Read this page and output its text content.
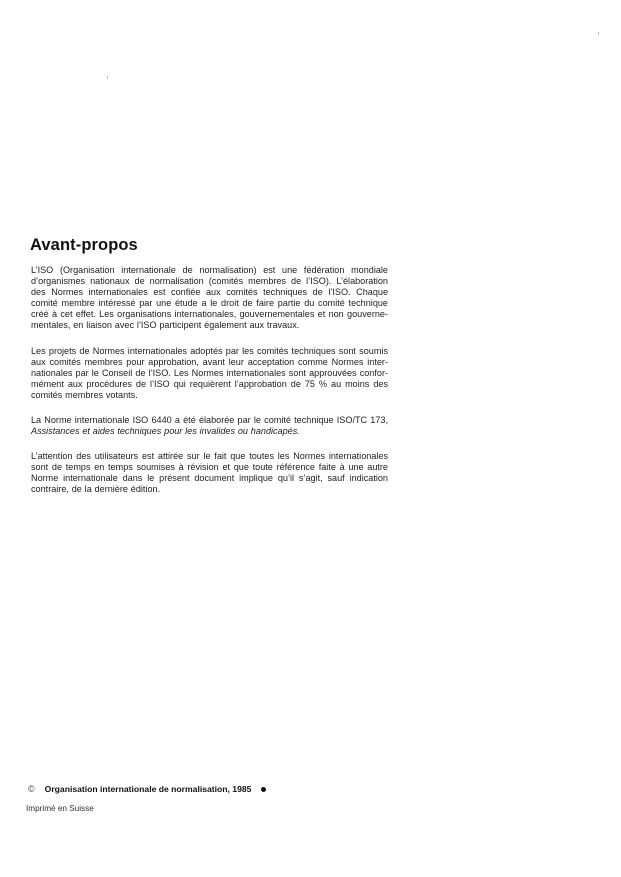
Avant-propos

L’ISO (Organisation internationale de normalisation) est une fédération mondiale
d’organismes nationaux de normalisation (comités membres de l’ISO). L’élaboration
des Normes internationales est confiée aux comités techniques de l’ISO. Chaque
comité membre intéressé par une étude a le droit de faire partie du comité technique
créé à cet effet. Les organisations internationales, gouvernementales et non gouverne-
mentales, en liaison avec l’ISO participent également aux travaux.

Les projets de Normes internationales adoptés par les comités techniques sont soumis
aux comités membres pour approbation, avant leur acceptation comme Normes inter-
nationales par le Conseil de l’ISO. Les Normes internationales sont approuvées confor-
mément aux procédures de l’ISO qui requièrent l’approbation de 75 % au moins des
comités membres votants.

La Norme internationale ISO 6440 a été élaborée par le comité technique ISO/TC 173,
Assistances et aides techniques pour les invalides ou handicapés.

L’attention des utilisateurs est attirée sur le fait que toutes les Normes internationales
sont de temps en temps soumises à révision et que toute référence faite à une autre
Norme internationale dans le présent document implique qu’il s’agit, sauf indication
contraire, de la dernière édition.

© Organisation internationale de normalisation, 1985
Imprimé en Suisse
